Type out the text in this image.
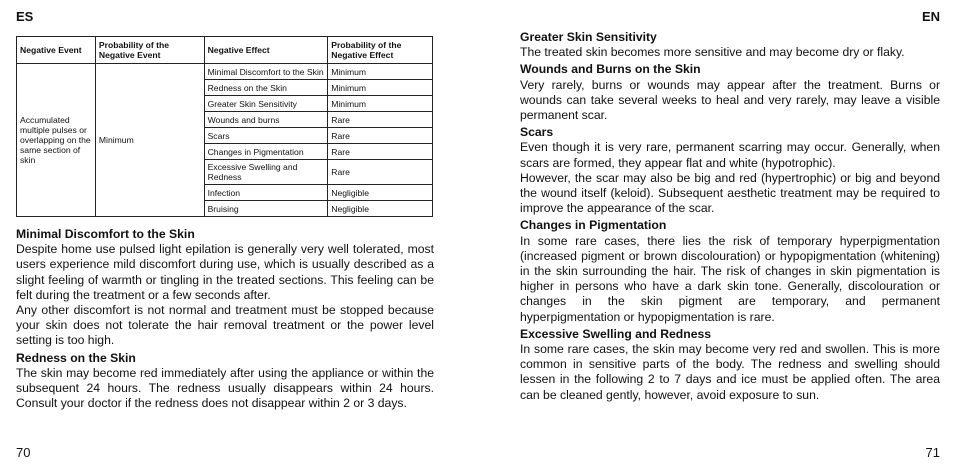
ES
Negative Event	Probability of the Negative Event	Negative Effect	Probability of the Negative Effect
Accumulated multiple pulses or overlapping on the same section of skin	Minimum	Minimal Discomfort to the Skin	Minimum
		Redness on the Skin	Minimum
		Greater Skin Sensitivity	Minimum
		Wounds and burns	Rare
		Scars	Rare
		Changes in Pigmentation	Rare
		Excessive Swelling and Redness	Rare
		Infection	Negligible
		Bruising	Negligible
Minimal Discomfort to the Skin

Despite home use pulsed light epilation is generally very well tolerated, most users experience mild discomfort during use, which is usually described as a slight feeling of warmth or tingling in the treated sections. This feeling can be felt during the treatment or a few seconds after.

Any other discomfort is not normal and treatment must be stopped because your skin does not tolerate the hair removal treatment or the power level setting is too high.

Redness on the Skin

The skin may become red immediately after using the appliance or within the subsequent 24 hours. The redness usually disappears within 24 hours. Consult your doctor if the redness does not disappear within 2 or 3 days.

70
EN
Greater Skin Sensitivity

The treated skin becomes more sensitive and may become dry or flaky.

Wounds and Burns on the Skin

Very rarely, burns or wounds may appear after the treatment. Burns or wounds can take several weeks to heal and very rarely, may leave a visible permanent scar.

Scars

Even though it is very rare, permanent scarring may occur. Generally, when scars are formed, they appear flat and white (hypotrophic).

However, the scar may also be big and red (hypertrophic) or big and beyond the wound itself (keloid). Subsequent aesthetic treatment may be required to improve the appearance of the scar.

Changes in Pigmentation

In some rare cases, there lies the risk of temporary hyperpigmentation (increased pigment or brown discolouration) or hypopigmentation (whitening) in the skin surrounding the hair. The risk of changes in skin pigmentation is higher in persons who have a dark skin tone. Generally, discolouration or changes in the skin pigment are temporary, and permanent hyperpigmentation or hypopigmentation is rare.

Excessive Swelling and Redness

In some rare cases, the skin may become very red and swollen. This is more common in sensitive parts of the body. The redness and swelling should lessen in the following 2 to 7 days and ice must be applied often. The area can be cleaned gently, however, avoid exposure to sun.

71
